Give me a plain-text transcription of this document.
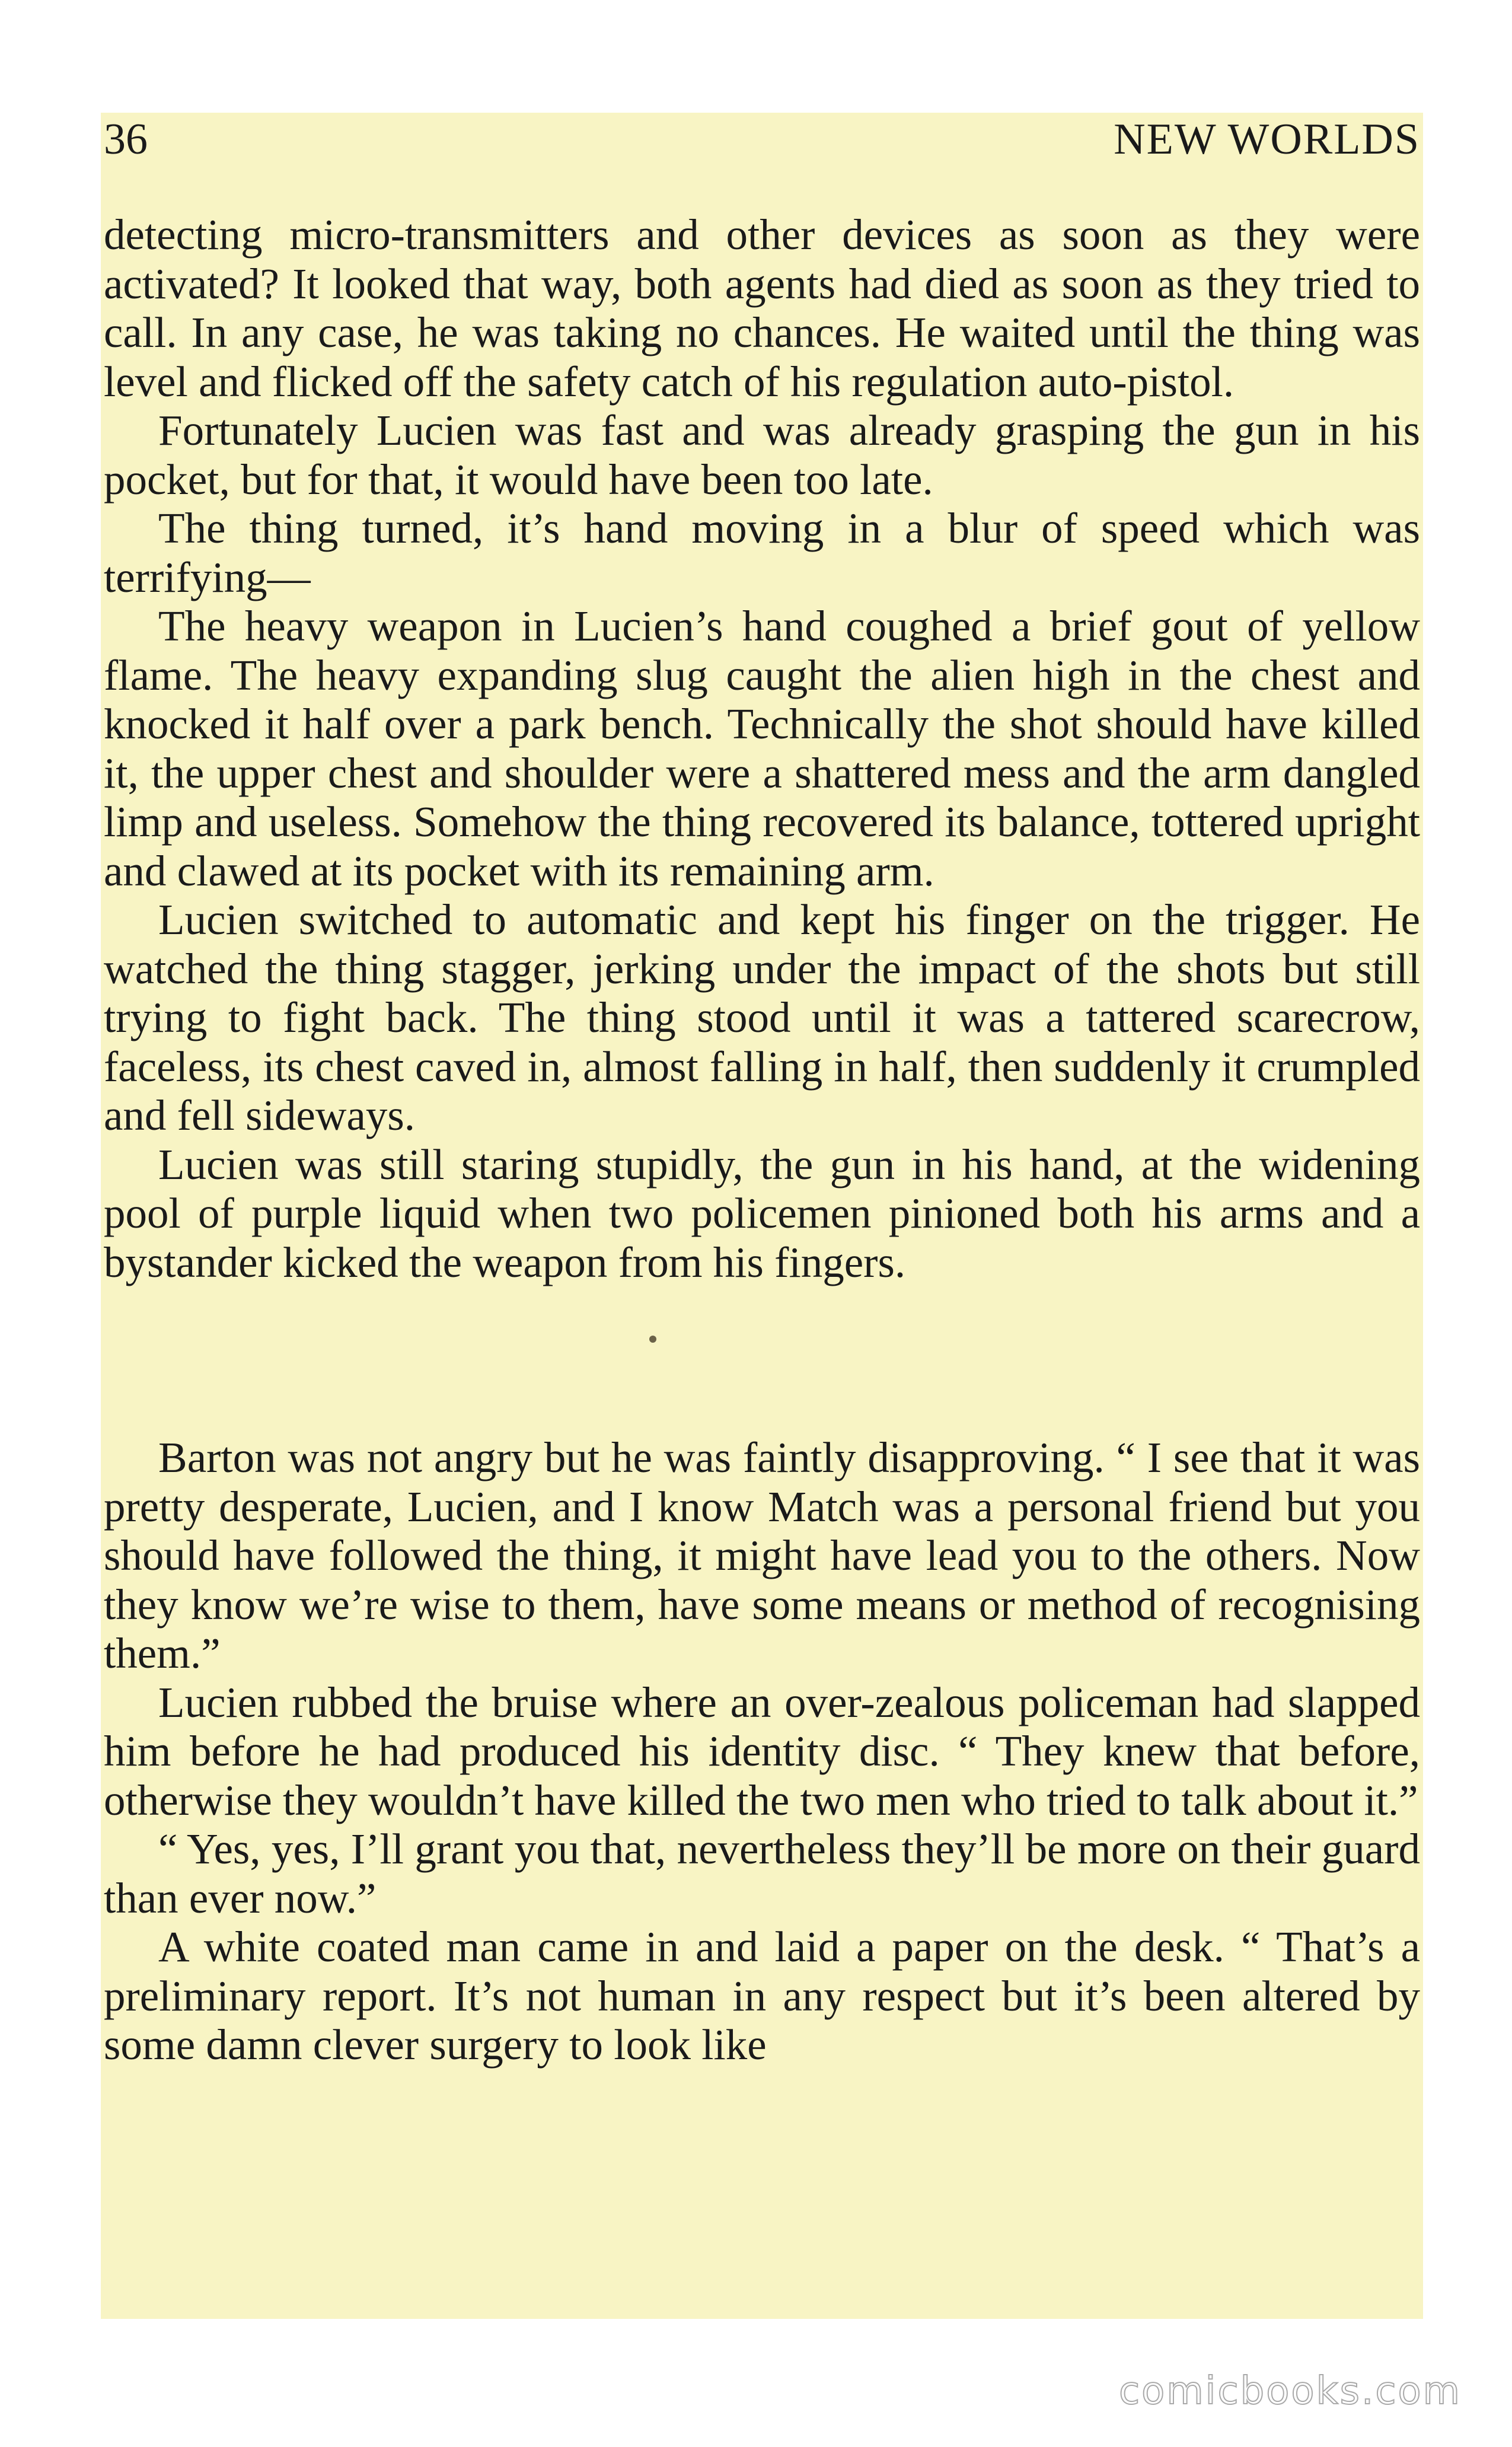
36	NEW WORLDS

detecting micro-transmitters and other devices as soon as they were activated? It looked that way, both agents had died as soon as they tried to call. In any case, he was taking no chances. He waited until the thing was level and flicked off the safety catch of his regulation auto-pistol.

Fortunately Lucien was fast and was already grasping the gun in his pocket, but for that, it would have been too late.

The thing turned, it’s hand moving in a blur of speed which was terrifying—

The heavy weapon in Lucien’s hand coughed a brief gout of yellow flame. The heavy expanding slug caught the alien high in the chest and knocked it half over a park bench. Technically the shot should have killed it, the upper chest and shoulder were a shattered mess and the arm dangled limp and useless. Somehow the thing recovered its balance, tottered upright and clawed at its pocket with its remaining arm.

Lucien switched to automatic and kept his finger on the trigger. He watched the thing stagger, jerking under the impact of the shots but still trying to fight back. The thing stood until it was a tattered scarecrow, faceless, its chest caved in, almost falling in half, then suddenly it crumpled and fell sideways.

Lucien was still staring stupidly, the gun in his hand, at the widening pool of purple liquid when two policemen pinioned both his arms and a bystander kicked the weapon from his fingers.

Barton was not angry but he was faintly disapproving. “ I see that it was pretty desperate, Lucien, and I know Match was a personal friend but you should have followed the thing, it might have lead you to the others. Now they know we’re wise to them, have some means or method of recognising them.”

Lucien rubbed the bruise where an over-zealous policeman had slapped him before he had produced his identity disc. “ They knew that before, otherwise they wouldn’t have killed the two men who tried to talk about it.”

“ Yes, yes, I’ll grant you that, nevertheless they’ll be more on their guard than ever now.”

A white coated man came in and laid a paper on the desk. “ That’s a preliminary report. It’s not human in any respect but it’s been altered by some damn clever surgery to look like

comicbooks.com
